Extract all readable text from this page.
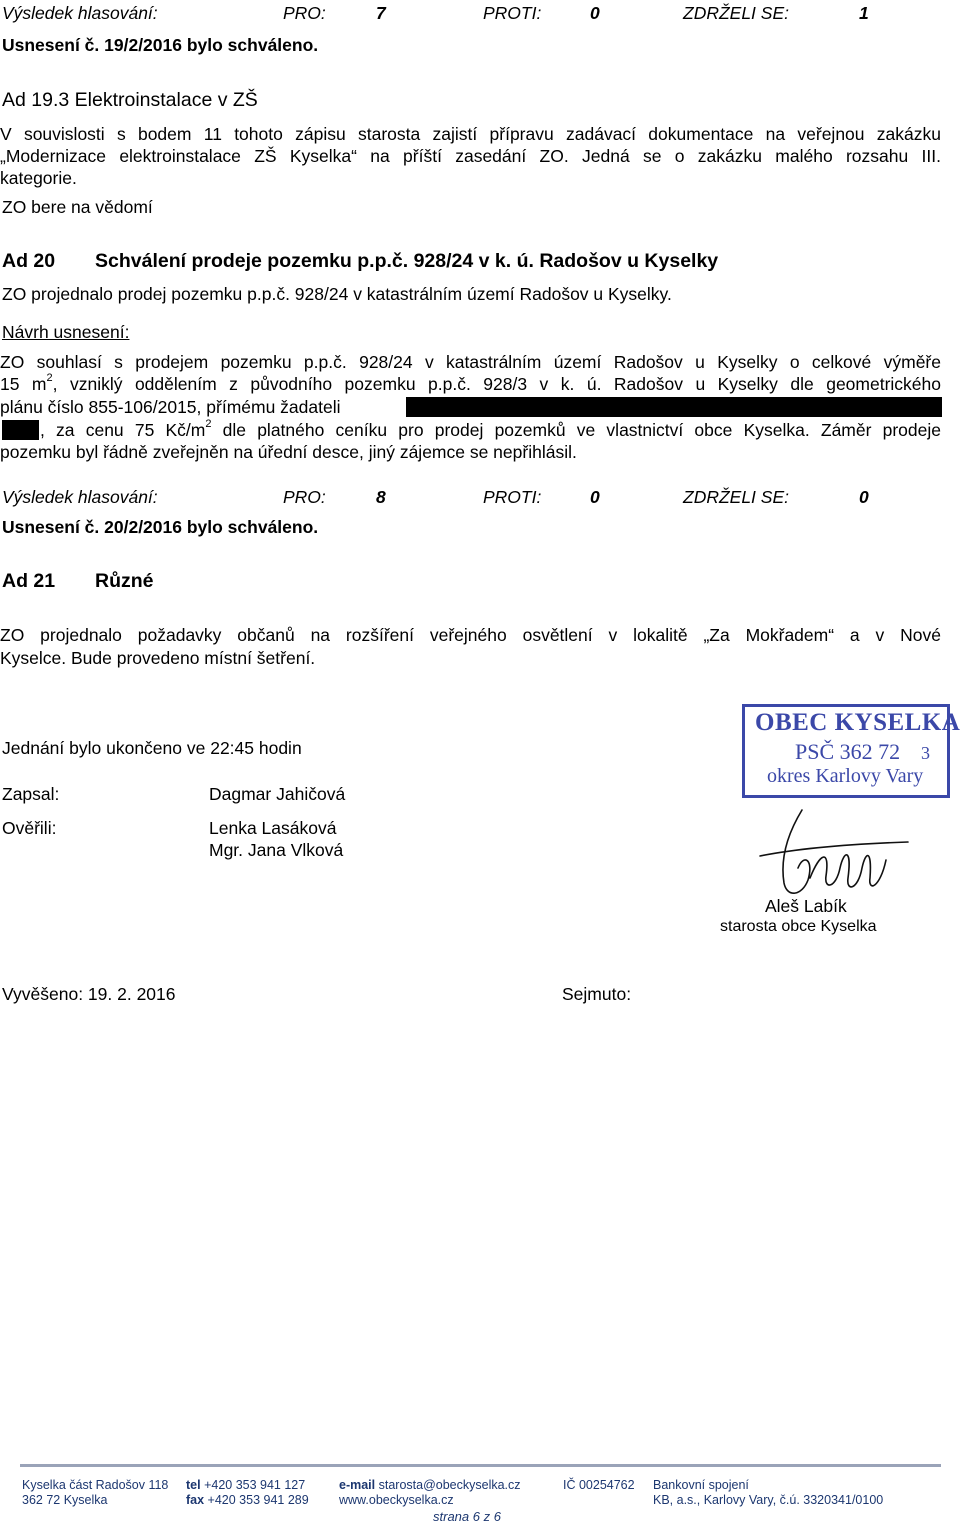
Výsledek hlasování:	PRO:	7	PROTI:	0	ZDRŽELI SE:	1
Usnesení č. 19/2/2016 bylo schváleno.
Ad 19.3 Elektroinstalace v ZŠ
V souvislosti s bodem 11 tohoto zápisu starosta zajistí přípravu zadávací dokumentace na veřejnou zakázku
„Modernizace elektroinstalace ZŠ Kyselka“ na příští zasedání ZO. Jedná se o zakázku malého rozsahu III.
kategorie.
ZO bere na vědomí
Ad 20 Schválení prodeje pozemku p.p.č. 928/24 v k. ú. Radošov u Kyselky
ZO projednalo prodej pozemku p.p.č. 928/24 v katastrálním území Radošov u Kyselky.
Návrh usnesení:
ZO souhlasí s prodejem pozemku p.p.č. 928/24 v katastrálním území Radošov u Kyselky o celkové výměře
15 $m^2$, vzniklý oddělením z původního pozemku p.p.č. 928/3 v k. ú. Radošov u Kyselky dle geometrického
plánu číslo 855-106/2015, přímému žadateli
, za cenu 75 $Kč/m^2$ dle platného ceníku pro prodej pozemků ve vlastnictví obce Kyselka. Záměr prodeje
pozemku byl řádně zveřejněn na úřední desce, jiný zájemce se nepřihlásil.
Výsledek hlasování:	PRO:	8	PROTI:	0	ZDRŽELI SE:	0
Usnesení č. 20/2/2016 bylo schváleno.
Ad 21 Různé
ZO projednalo požadavky občanů na rozšíření veřejného osvětlení v lokalitě „Za Mokřadem“ a v Nové
Kyselce. Bude provedeno místní šetření.
Jednání bylo ukončeno ve 22:45 hodin
Zapsal:	Dagmar Jahičová
Ověřili:	Lenka Lasáková
Mgr. Jana Vlková
OBEC KYSELKA
PSČ 362 72 3
okres Karlovy Vary
Aleš Labík
starosta obce Kyselka
Vyvěšeno: 19. 2. 2016	Sejmuto:
Kyselka část Radošov 118
362 72 Kyselka
tel +420 353 941 127
fax +420 353 941 289
e-mail starosta@obeckyselka.cz
www.obeckyselka.cz
IČ 00254762 Bankovní spojení
KB, a.s., Karlovy Vary, č.ú. 3320341/0100
strana 6 z 6
